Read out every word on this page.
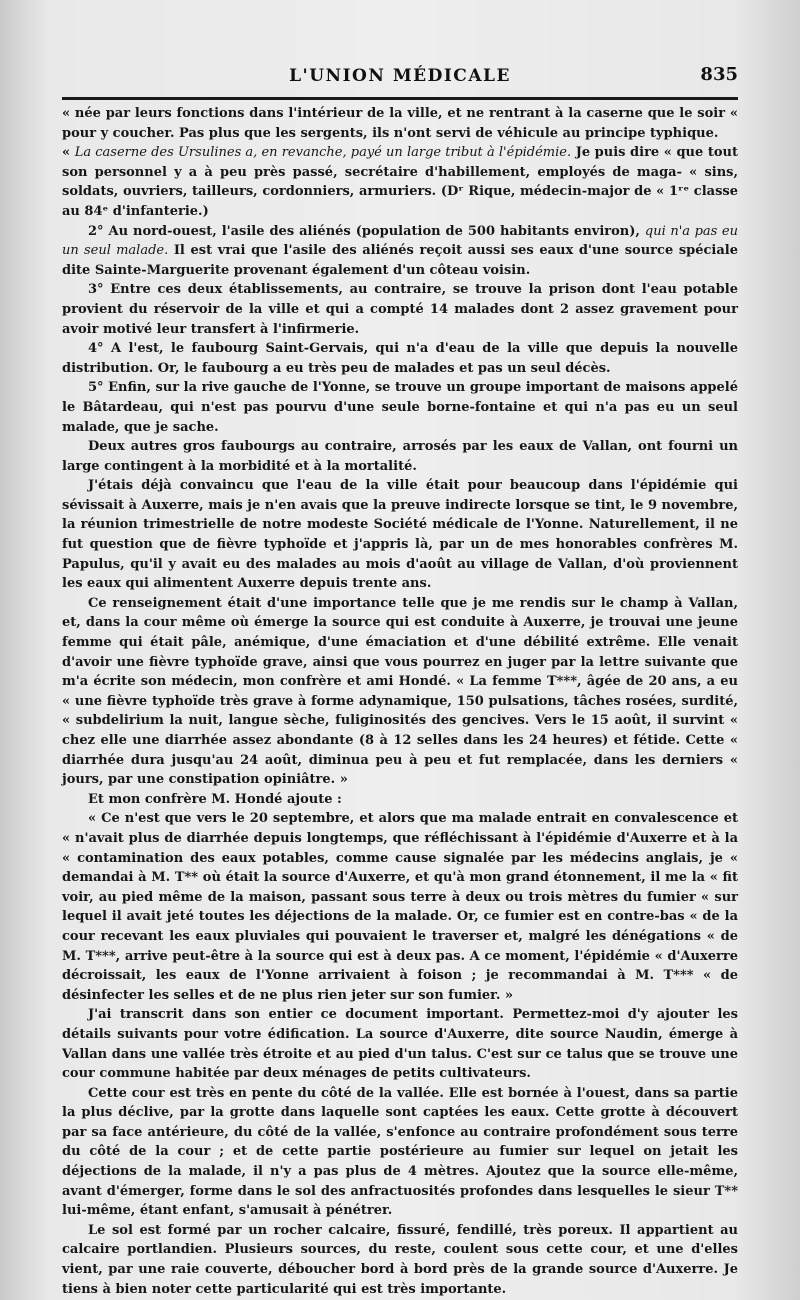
L'UNION MÉDICALE	835

« née par leurs fonctions dans l'intérieur de la ville, et ne rentrant à la caserne que le soir « pour y coucher. Pas plus que les sergents, ils n'ont servi de véhicule au principe typhique.

« La caserne des Ursulines a, en revanche, payé un large tribut à l'épidémie. Je puis dire « que tout son personnel y a à peu près passé, secrétaire d'habillement, employés de maga- « sins, soldats, ouvriers, tailleurs, cordonniers, armuriers. (Dʳ Rique, médecin-major de « 1ʳᵉ classe au 84ᵉ d'infanterie.)

2° Au nord-ouest, l'asile des aliénés (population de 500 habitants environ), qui n'a pas eu un seul malade. Il est vrai que l'asile des aliénés reçoit aussi ses eaux d'une source spéciale dite Sainte-Marguerite provenant également d'un côteau voisin.

3° Entre ces deux établissements, au contraire, se trouve la prison dont l'eau potable provient du réservoir de la ville et qui a compté 14 malades dont 2 assez gravement pour avoir motivé leur transfert à l'infirmerie.

4° A l'est, le faubourg Saint-Gervais, qui n'a d'eau de la ville que depuis la nouvelle distribution. Or, le faubourg a eu très peu de malades et pas un seul décès.

5° Enfin, sur la rive gauche de l'Yonne, se trouve un groupe important de maisons appelé le Bâtardeau, qui n'est pas pourvu d'une seule borne-fontaine et qui n'a pas eu un seul malade, que je sache.

Deux autres gros faubourgs au contraire, arrosés par les eaux de Vallan, ont fourni un large contingent à la morbidité et à la mortalité.

J'étais déjà convaincu que l'eau de la ville était pour beaucoup dans l'épidémie qui sévissait à Auxerre, mais je n'en avais que la preuve indirecte lorsque se tint, le 9 novembre, la réunion trimestrielle de notre modeste Société médicale de l'Yonne. Naturellement, il ne fut question que de fièvre typhoïde et j'appris là, par un de mes honorables confrères M. Papulus, qu'il y avait eu des malades au mois d'août au village de Vallan, d'où proviennent les eaux qui alimentent Auxerre depuis trente ans.

Ce renseignement était d'une importance telle que je me rendis sur le champ à Vallan, et, dans la cour même où émerge la source qui est conduite à Auxerre, je trouvai une jeune femme qui était pâle, anémique, d'une émaciation et d'une débilité extrême. Elle venait d'avoir une fièvre typhoïde grave, ainsi que vous pourrez en juger par la lettre suivante que m'a écrite son médecin, mon confrère et ami Hondé. « La femme T***, âgée de 20 ans, a eu « une fièvre typhoïde très grave à forme adynamique, 150 pulsations, tâches rosées, surdité, « subdelirium la nuit, langue sèche, fuliginosités des gencives. Vers le 15 août, il survint « chez elle une diarrhée assez abondante (8 à 12 selles dans les 24 heures) et fétide. Cette « diarrhée dura jusqu'au 24 août, diminua peu à peu et fut remplacée, dans les derniers « jours, par une constipation opiniâtre. »

Et mon confrère M. Hondé ajoute :

« Ce n'est que vers le 20 septembre, et alors que ma malade entrait en convalescence et « n'avait plus de diarrhée depuis longtemps, que réfléchissant à l'épidémie d'Auxerre et à la « contamination des eaux potables, comme cause signalée par les médecins anglais, je « demandai à M. T** où était la source d'Auxerre, et qu'à mon grand étonnement, il me la « fit voir, au pied même de la maison, passant sous terre à deux ou trois mètres du fumier « sur lequel il avait jeté toutes les déjections de la malade. Or, ce fumier est en contre-bas « de la cour recevant les eaux pluviales qui pouvaient le traverser et, malgré les dénégations « de M. T***, arrive peut-être à la source qui est à deux pas. A ce moment, l'épidémie « d'Auxerre décroissait, les eaux de l'Yonne arrivaient à foison ; je recommandai à M. T*** « de désinfecter les selles et de ne plus rien jeter sur son fumier. »

J'ai transcrit dans son entier ce document important. Permettez-moi d'y ajouter les détails suivants pour votre édification. La source d'Auxerre, dite source Naudin, émerge à Vallan dans une vallée très étroite et au pied d'un talus. C'est sur ce talus que se trouve une cour commune habitée par deux ménages de petits cultivateurs.

Cette cour est très en pente du côté de la vallée. Elle est bornée à l'ouest, dans sa partie la plus déclive, par la grotte dans laquelle sont captées les eaux. Cette grotte à découvert par sa face antérieure, du côté de la vallée, s'enfonce au contraire profondément sous terre du côté de la cour ; et de cette partie postérieure au fumier sur lequel on jetait les déjections de la malade, il n'y a pas plus de 4 mètres. Ajoutez que la source elle-même, avant d'émerger, forme dans le sol des anfractuosités profondes dans lesquelles le sieur T** lui-même, étant enfant, s'amusait à pénétrer.

Le sol est formé par un rocher calcaire, fissuré, fendillé, très poreux. Il appartient au calcaire portlandien. Plusieurs sources, du reste, coulent sous cette cour, et une d'elles vient, par une raie couverte, déboucher bord à bord près de la grande source d'Auxerre. Je tiens à bien noter cette particularité qui est très importante.
